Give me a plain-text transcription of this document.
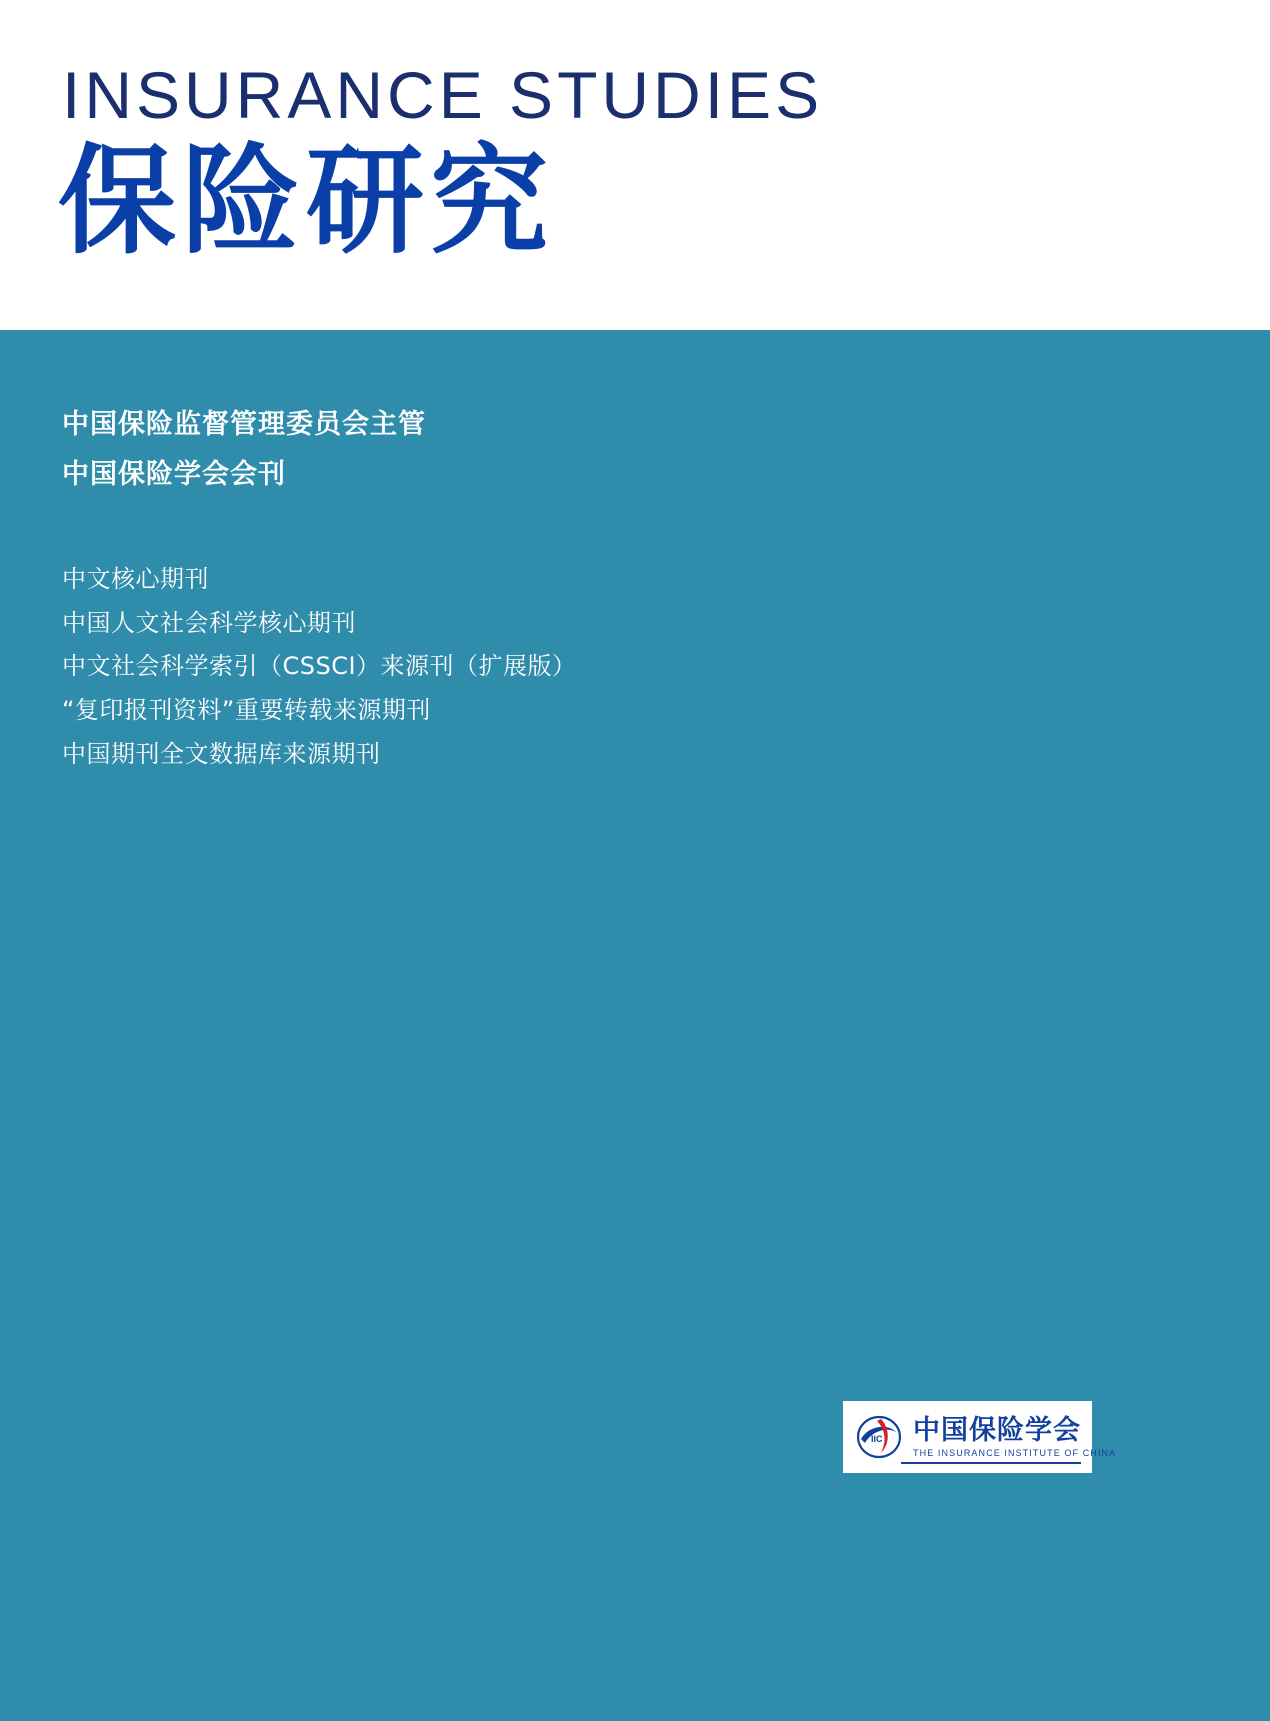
INSURANCE STUDIES
保险研究
中国保险监督管理委员会主管
中国保险学会会刊
中文核心期刊
中国人文社会科学核心期刊
中文社会科学索引（CSSCI）来源刊（扩展版）
“复印报刊资料”重要转载来源期刊
中国期刊全文数据库来源期刊
IIC 中国保险学会
THE INSURANCE INSTITUTE OF CHINA
